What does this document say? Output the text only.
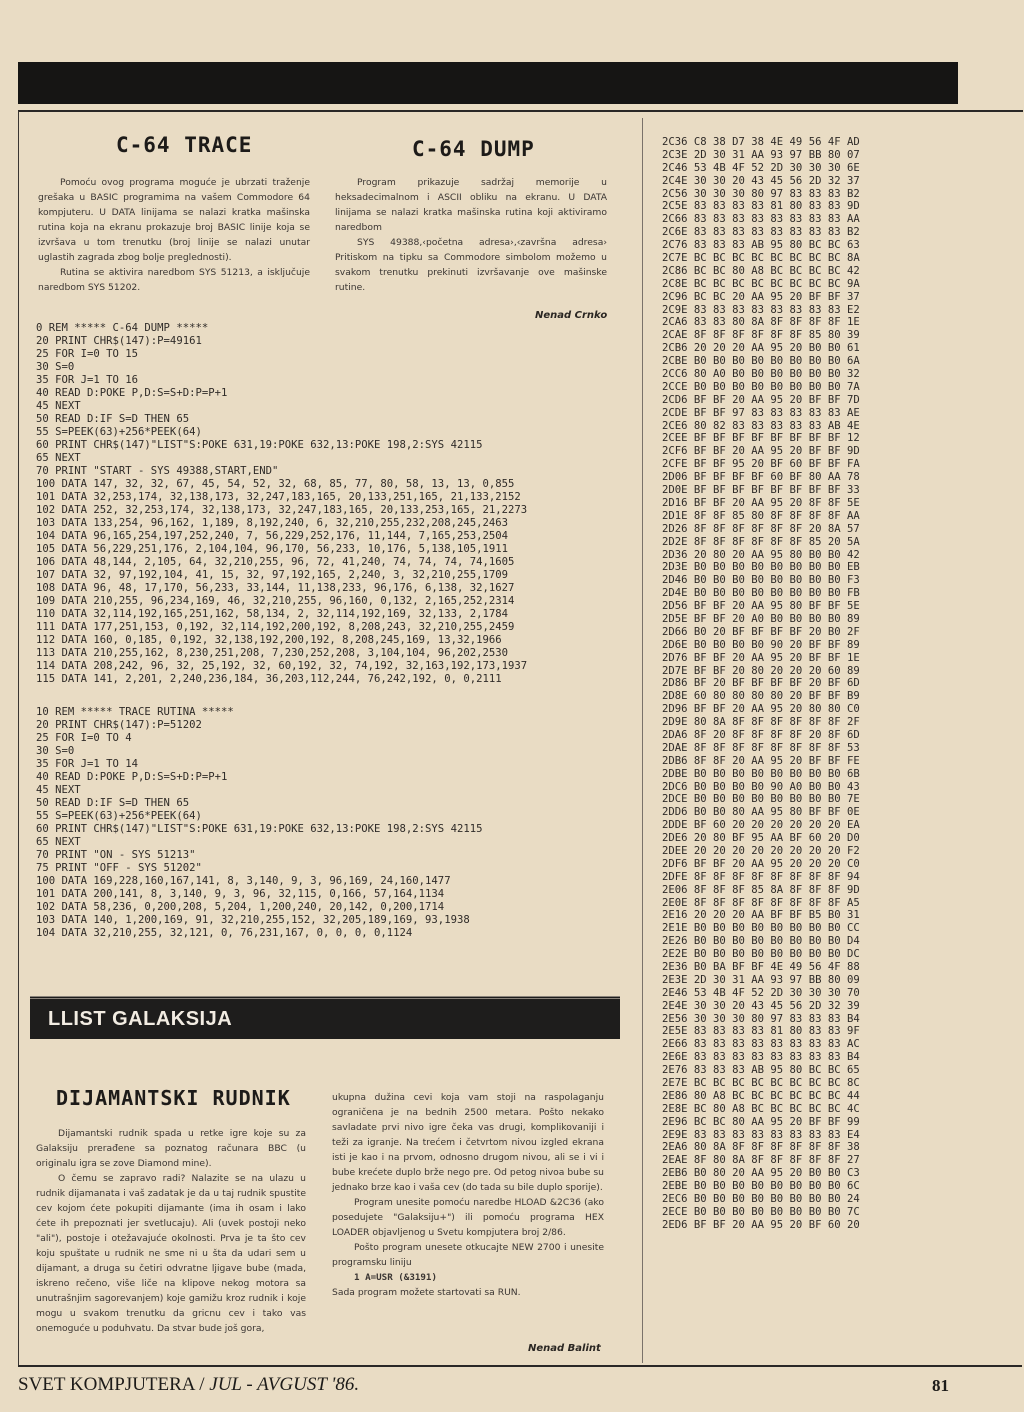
C-64 TRACE

Pomoću ovog programa moguće je ubrzati traženje grešaka u BASIC programima na vašem Commodore 64 kompjuteru. U DATA linijama se nalazi kratka mašinska rutina koja na ekranu prokazuje broj BASIC linije koja se izvršava u tom trenutku (broj linije se nalazi unutar uglastih zagrada zbog bolje preglednosti).

Rutina se aktivira naredbom SYS 51213, a isključuje naredbom SYS 51202.

C-64 DUMP

Program prikazuje sadržaj memorije u heksadecimalnom i ASCII obliku na ekranu. U DATA linijama se nalazi kratka mašinska rutina koji aktiviramo naredbom

SYS 49388,‹početna adresa›,‹završna adresa› Pritiskom na tipku sa Commodore simbolom možemo u svakom trenutku prekinuti izvršavanje ove mašinske rutine.

Nenad Crnko
0 REM ***** C-64 DUMP *****
20 PRINT CHR$(147):P=49161
25 FOR I=0 TO 15
30 S=0
35 FOR J=1 TO 16
40 READ D:POKE P,D:S=S+D:P=P+1
45 NEXT
50 READ D:IF S=D THEN 65
55 S=PEEK(63)+256*PEEK(64)
60 PRINT CHR$(147)"LIST"S:POKE 631,19:POKE 632,13:POKE 198,2:SYS 42115
65 NEXT
70 PRINT "START - SYS 49388,START,END"
100 DATA 147, 32, 32, 67, 45, 54, 52, 32, 68, 85, 77, 80, 58, 13, 13, 0,855
101 DATA 32,253,174, 32,138,173, 32,247,183,165, 20,133,251,165, 21,133,2152
102 DATA 252, 32,253,174, 32,138,173, 32,247,183,165, 20,133,253,165, 21,2273
103 DATA 133,254, 96,162, 1,189, 8,192,240, 6, 32,210,255,232,208,245,2463
104 DATA 96,165,254,197,252,240, 7, 56,229,252,176, 11,144, 7,165,253,2504
105 DATA 56,229,251,176, 2,104,104, 96,170, 56,233, 10,176, 5,138,105,1911
106 DATA 48,144, 2,105, 64, 32,210,255, 96, 72, 41,240, 74, 74, 74, 74,1605
107 DATA 32, 97,192,104, 41, 15, 32, 97,192,165, 2,240, 3, 32,210,255,1709
108 DATA 96, 48, 17,170, 56,233, 33,144, 11,138,233, 96,176, 6,138, 32,1627
109 DATA 210,255, 96,234,169, 46, 32,210,255, 96,160, 0,132, 2,165,252,2314
110 DATA 32,114,192,165,251,162, 58,134, 2, 32,114,192,169, 32,133, 2,1784
111 DATA 177,251,153, 0,192, 32,114,192,200,192, 8,208,243, 32,210,255,2459
112 DATA 160, 0,185, 0,192, 32,138,192,200,192, 8,208,245,169, 13,32,1966
113 DATA 210,255,162, 8,230,251,208, 7,230,252,208, 3,104,104, 96,202,2530
114 DATA 208,242, 96, 32, 25,192, 32, 60,192, 32, 74,192, 32,163,192,173,1937
115 DATA 141, 2,201, 2,240,236,184, 36,203,112,244, 76,242,192, 0, 0,2111
10 REM ***** TRACE RUTINA *****
20 PRINT CHR$(147):P=51202
25 FOR I=0 TO 4
30 S=0
35 FOR J=1 TO 14
40 READ D:POKE P,D:S=S+D:P=P+1
45 NEXT
50 READ D:IF S=D THEN 65
55 S=PEEK(63)+256*PEEK(64)
60 PRINT CHR$(147)"LIST"S:POKE 631,19:POKE 632,13:POKE 198,2:SYS 42115
65 NEXT
70 PRINT "ON - SYS 51213"
75 PRINT "OFF - SYS 51202"
100 DATA 169,228,160,167,141, 8, 3,140, 9, 3, 96,169, 24,160,1477
101 DATA 200,141, 8, 3,140, 9, 3, 96, 32,115, 0,166, 57,164,1134
102 DATA 58,236, 0,200,208, 5,204, 1,200,240, 20,142, 0,200,1714
103 DATA 140, 1,200,169, 91, 32,210,255,152, 32,205,189,169, 93,1938
104 DATA 32,210,255, 32,121, 0, 76,231,167, 0, 0, 0, 0,1124
2C36 C8 38 D7 38 4E 49 56 4F AD
2C3E 2D 30 31 AA 93 97 BB 80 07
2C46 53 4B 4F 52 2D 30 30 30 6E
2C4E 30 30 20 43 45 56 2D 32 37
2C56 30 30 30 80 97 83 83 83 B2
2C5E 83 83 83 83 81 80 83 83 9D
2C66 83 83 83 83 83 83 83 83 AA
2C6E 83 83 83 83 83 83 83 83 B2
2C76 83 83 83 AB 95 80 BC BC 63
2C7E BC BC BC BC BC BC BC BC 8A
2C86 BC BC 80 A8 BC BC BC BC 42
2C8E BC BC BC BC BC BC BC BC 9A
2C96 BC BC 20 AA 95 20 BF BF 37
2C9E 83 83 83 83 83 83 83 83 E2
2CA6 83 83 80 8A 8F 8F 8F 8F 1E
2CAE 8F 8F 8F 8F 8F 8F 85 80 39
2CB6 20 20 20 AA 95 20 B0 B0 61
2CBE B0 B0 B0 B0 B0 B0 B0 B0 6A
2CC6 80 A0 B0 B0 B0 B0 B0 B0 32
2CCE B0 B0 B0 B0 B0 B0 B0 B0 7A
2CD6 BF BF 20 AA 95 20 BF BF 7D
2CDE BF BF 97 83 83 83 83 83 AE
2CE6 80 82 83 83 83 83 83 AB 4E
2CEE BF BF BF BF BF BF BF BF 12
2CF6 BF BF 20 AA 95 20 BF BF 9D
2CFE BF BF 95 20 BF 60 BF BF FA
2D06 BF BF BF BF 60 BF 80 AA 78
2D0E BF BF BF BF BF BF BF BF 33
2D16 BF BF 20 AA 95 20 8F 8F 5E
2D1E 8F 8F 85 80 8F 8F 8F 8F AA
2D26 8F 8F 8F 8F 8F 8F 20 8A 57
2D2E 8F 8F 8F 8F 8F 8F 85 20 5A
2D36 20 80 20 AA 95 80 B0 B0 42
2D3E B0 B0 B0 B0 B0 B0 B0 B0 EB
2D46 B0 B0 B0 B0 B0 B0 B0 B0 F3
2D4E B0 B0 B0 B0 B0 B0 B0 B0 FB
2D56 BF BF 20 AA 95 80 BF BF 5E
2D5E BF BF 20 A0 B0 B0 B0 B0 89
2D66 B0 20 BF BF BF BF 20 B0 2F
2D6E B0 B0 B0 B0 90 20 BF BF 89
2D76 BF BF 20 AA 95 20 BF BF 1E
2D7E BF BF 20 80 20 20 20 60 89
2D86 BF 20 BF BF BF BF 20 BF 6D
2D8E 60 80 80 80 80 20 BF BF B9
2D96 BF BF 20 AA 95 20 80 80 C0
2D9E 80 8A 8F 8F 8F 8F 8F 8F 2F
2DA6 8F 20 8F 8F 8F 8F 20 8F 6D
2DAE 8F 8F 8F 8F 8F 8F 8F 8F 53
2DB6 8F 8F 20 AA 95 20 BF BF FE
2DBE B0 B0 B0 B0 B0 B0 B0 B0 6B
2DC6 B0 B0 B0 B0 90 A0 B0 B0 43
2DCE B0 B0 B0 B0 B0 B0 B0 B0 7E
2DD6 B0 B0 80 AA 95 80 BF BF 0E
2DDE BF 60 20 20 20 20 20 20 EA
2DE6 20 80 BF 95 AA BF 60 20 D0
2DEE 20 20 20 20 20 20 20 20 F2
2DF6 BF BF 20 AA 95 20 20 20 C0
2DFE 8F 8F 8F 8F 8F 8F 8F 8F 94
2E06 8F 8F 8F 85 8A 8F 8F 8F 9D
2E0E 8F 8F 8F 8F 8F 8F 8F 8F A5
2E16 20 20 20 AA BF BF B5 B0 31
2E1E B0 B0 B0 B0 B0 B0 B0 B0 CC
2E26 B0 B0 B0 B0 B0 B0 B0 B0 D4
2E2E B0 B0 B0 B0 B0 B0 B0 B0 DC
2E36 B0 BA BF BF 4E 49 56 4F 88
2E3E 2D 30 31 AA 93 97 BB 80 09
2E46 53 4B 4F 52 2D 30 30 30 70
2E4E 30 30 20 43 45 56 2D 32 39
2E56 30 30 30 80 97 83 83 83 B4
2E5E 83 83 83 83 81 80 83 83 9F
2E66 83 83 83 83 83 83 83 83 AC
2E6E 83 83 83 83 83 83 83 83 B4
2E76 83 83 83 AB 95 80 BC BC 65
2E7E BC BC BC BC BC BC BC BC 8C
2E86 80 A8 BC BC BC BC BC BC 44
2E8E BC 80 A8 BC BC BC BC BC 4C
2E96 BC BC 80 AA 95 20 BF BF 99
2E9E 83 83 83 83 83 83 83 83 E4
2EA6 80 8A 8F 8F 8F 8F 8F 8F 38
2EAE 8F 80 8A 8F 8F 8F 8F 8F 27
2EB6 B0 80 20 AA 95 20 B0 B0 C3
2EBE B0 B0 B0 B0 B0 B0 B0 B0 6C
2EC6 B0 B0 B0 B0 B0 B0 B0 B0 24
2ECE B0 B0 B0 B0 B0 B0 B0 B0 7C
2ED6 BF BF 20 AA 95 20 BF 60 20
LLIST GALAKSIJA
DIJAMANTSKI RUDNIK

Dijamantski rudnik spada u retke igre koje su za Galaksiju prerađene sa poznatog računara BBC (u originalu igra se zove Diamond mine).

O čemu se zapravo radi? Nalazite se na ulazu u rudnik dijamanata i vaš zadatak je da u taj rudnik spustite cev kojom ćete pokupiti dijamante (ima ih osam i lako ćete ih prepoznati jer svetlucaju). Ali (uvek postoji neko "ali"), postoje i otežavajuće okolnosti. Prva je ta što cev koju spuštate u rudnik ne sme ni u šta da udari sem u dijamant, a druga su četiri odvratne ljigave bube (mada, iskreno rečeno, više liče na klipove nekog motora sa unutrašnjim sagorevanjem) koje gamižu kroz rudnik i koje mogu u svakom trenutku da gricnu cev i tako vas onemoguće u poduhvatu. Da stvar bude još gora,

ukupna dužina cevi koja vam stoji na raspolaganju ograničena je na bednih 2500 metara. Pošto nekako savladate prvi nivo igre čeka vas drugi, komplikovaniji i teži za igranje. Na trećem i četvrtom nivou izgled ekrana isti je kao i na prvom, odnosno drugom nivou, ali se i vi i bube krećete duplo brže nego pre. Od petog nivoa bube su jednako brze kao i vaša cev (do tada su bile duplo sporije).

Program unesite pomoću naredbe HLOAD &2C36 (ako posedujete "Galaksiju+") ili pomoću programa HEX LOADER objavljenog u Svetu kompjutera broj 2/86.

Pošto program unesete otkucajte NEW 2700 i unesite programsku liniju

1 A=USR (&3191)

Sada program možete startovati sa RUN.

Nenad Balint
SVET KOMPJUTERA / JUL - AVGUST '86.	81
